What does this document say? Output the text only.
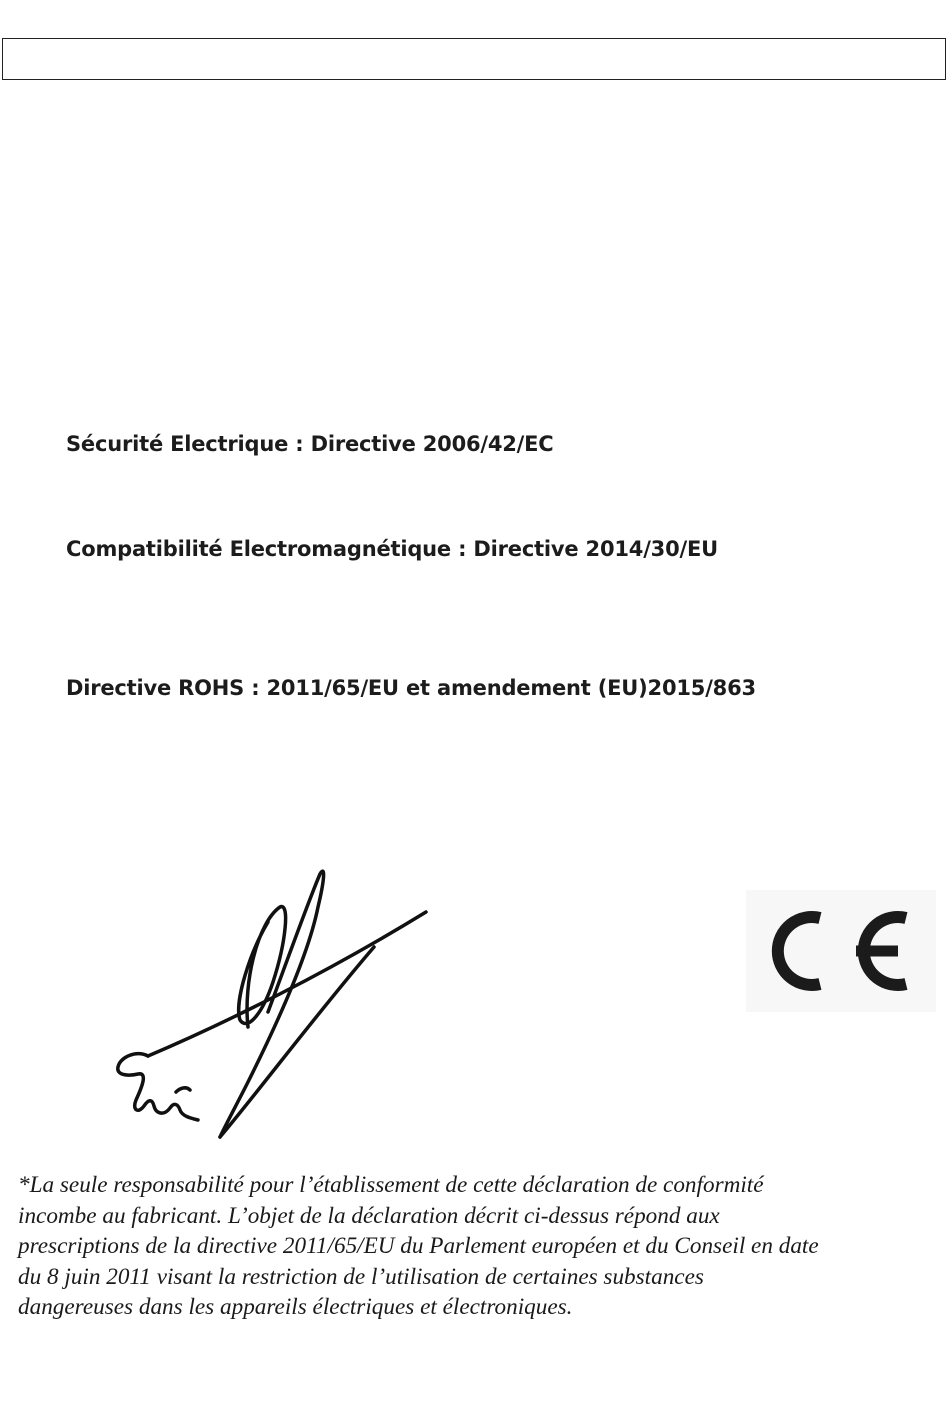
Sécurité Electrique : Directive 2006/42/EC
Compatibilité Electromagnétique : Directive 2014/30/EU
Directive ROHS : 2011/65/EU et amendement (EU)2015/863

*La seule responsabilité pour l’établissement de cette déclaration de conformité
incombe au fabricant. L’objet de la déclaration décrit ci-dessus répond aux
prescriptions de la directive 2011/65/EU du Parlement européen et du Conseil en date
du 8 juin 2011 visant la restriction de l’utilisation de certaines substances
dangereuses dans les appareils électriques et électroniques.
